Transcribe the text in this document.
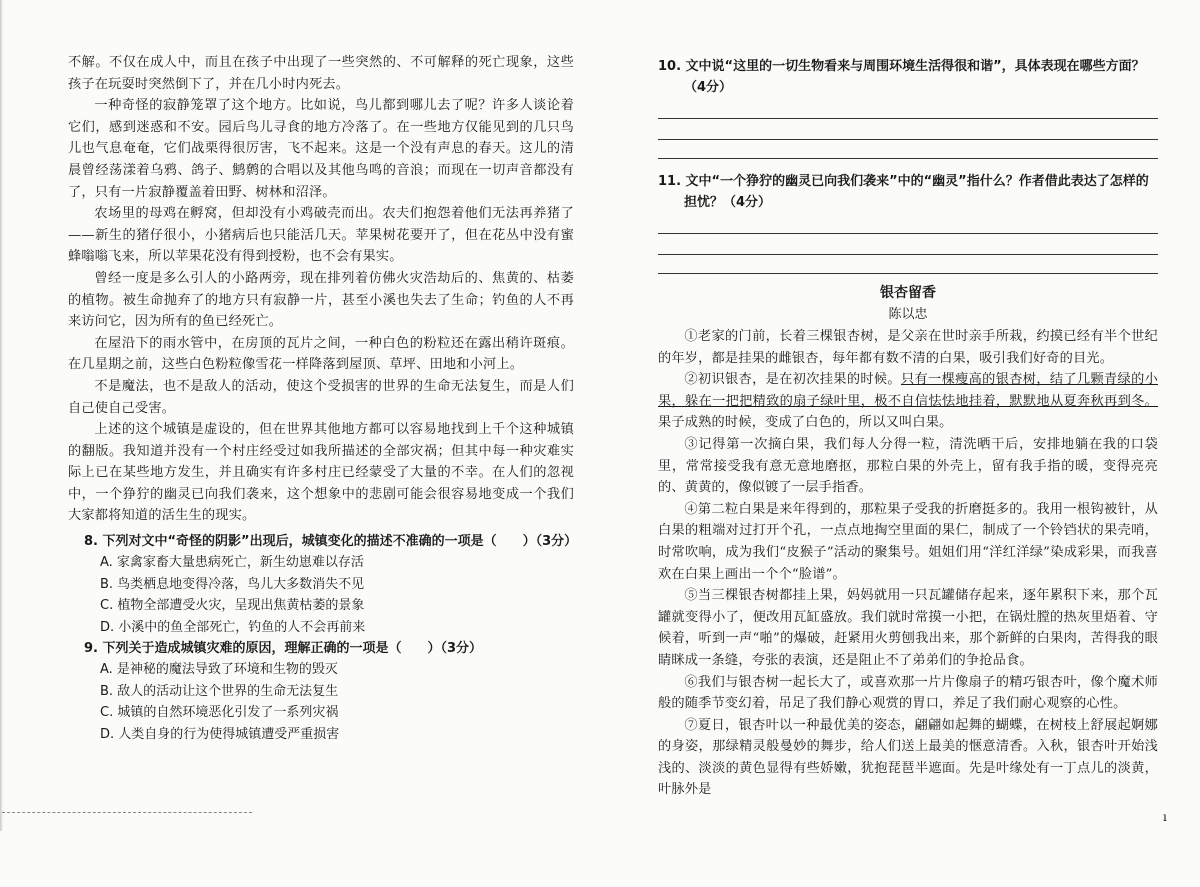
不解。不仅在成人中，而且在孩子中出现了一些突然的、不可解释的死亡现象，这些孩子在玩耍时突然倒下了，并在几小时内死去。

一种奇怪的寂静笼罩了这个地方。比如说，鸟儿都到哪儿去了呢？许多人谈论着它们，感到迷惑和不安。园后鸟儿寻食的地方冷落了。在一些地方仅能见到的几只鸟儿也气息奄奄，它们战栗得很厉害，飞不起来。这是一个没有声息的春天。这儿的清晨曾经荡漾着乌鸦、鸽子、鹪鹩的合唱以及其他鸟鸣的音浪；而现在一切声音都没有了，只有一片寂静覆盖着田野、树林和沼泽。

农场里的母鸡在孵窝，但却没有小鸡破壳而出。农夫们抱怨着他们无法再养猪了——新生的猪仔很小，小猪病后也只能活几天。苹果树花要开了，但在花丛中没有蜜蜂嗡嗡飞来，所以苹果花没有得到授粉，也不会有果实。

曾经一度是多么引人的小路两旁，现在排列着仿佛火灾浩劫后的、焦黄的、枯萎的植物。被生命抛弃了的地方只有寂静一片，甚至小溪也失去了生命；钓鱼的人不再来访问它，因为所有的鱼已经死亡。

在屋沿下的雨水管中，在房顶的瓦片之间，一种白色的粉粒还在露出稍许斑痕。在几星期之前，这些白色粉粒像雪花一样降落到屋顶、草坪、田地和小河上。

不是魔法，也不是敌人的活动，使这个受损害的世界的生命无法复生，而是人们自己使自己受害。

上述的这个城镇是虚设的，但在世界其他地方都可以容易地找到上千个这种城镇的翻版。我知道并没有一个村庄经受过如我所描述的全部灾祸；但其中每一种灾难实际上已在某些地方发生，并且确实有许多村庄已经蒙受了大量的不幸。在人们的忽视中，一个狰狞的幽灵已向我们袭来，这个想象中的悲剧可能会很容易地变成一个我们大家都将知道的活生生的现实。

8. 下列对文中“奇怪的阴影”出现后，城镇变化的描述不准确的一项是（　　）（3分）

A. 家禽家畜大量患病死亡，新生幼崽难以存活

B. 鸟类栖息地变得冷落，鸟儿大多数消失不见

C. 植物全部遭受火灾，呈现出焦黄枯萎的景象

D. 小溪中的鱼全部死亡，钓鱼的人不会再前来

9. 下列关于造成城镇灾难的原因，理解正确的一项是（　　）（3分）

A. 是神秘的魔法导致了环境和生物的毁灭

B. 敌人的活动让这个世界的生命无法复生

C. 城镇的自然环境恶化引发了一系列灾祸

D. 人类自身的行为使得城镇遭受严重损害

10. 文中说“这里的一切生物看来与周围环境生活得很和谐”，具体表现在哪些方面？

（4分）

11. 文中“一个狰狞的幽灵已向我们袭来”中的“幽灵”指什么？作者借此表达了怎样的担忧？（4分）

银杏留香

陈以忠

①老家的门前，长着三棵银杏树，是父亲在世时亲手所栽，约摸已经有半个世纪的年岁，都是挂果的雌银杏，每年都有数不清的白果，吸引我们好奇的目光。

②初识银杏，是在初次挂果的时候。只有一棵瘦高的银杏树，结了几颗青绿的小果，躲在一把把精致的扇子绿叶里，极不自信怯怯地挂着，默默地从夏奔秋再到冬。果子成熟的时候，变成了白色的，所以又叫白果。

③记得第一次摘白果，我们每人分得一粒，清洗晒干后，安排地躺在我的口袋里，常常接受我有意无意地磨抠，那粒白果的外壳上，留有我手指的暖，变得亮亮的、黄黄的，像似镀了一层手指香。

④第二粒白果是来年得到的，那粒果子受我的折磨挺多的。我用一根钩被针，从白果的粗端对过打开个孔，一点点地掏空里面的果仁，制成了一个铃铛状的果壳哨，时常吹响，成为我们“皮猴子”活动的聚集号。姐姐们用“洋红洋绿”染成彩果，而我喜欢在白果上画出一个个“脸谱”。

⑤当三棵银杏树都挂上果，妈妈就用一只瓦罐储存起来，逐年累积下来，那个瓦罐就变得小了，便改用瓦缸盛放。我们就时常摸一小把，在锅灶膛的热灰里焐着、守候着，听到一声“啪”的爆破，赶紧用火剪刨我出来，那个新鲜的白果肉，苦得我的眼睛眯成一条缝，夸张的表演，还是阻止不了弟弟们的争抢品食。

⑥我们与银杏树一起长大了，或喜欢那一片片像扇子的精巧银杏叶，像个魔术师般的随季节变幻着，吊足了我们静心观赏的胃口，养足了我们耐心观察的心性。

⑦夏日，银杏叶以一种最优美的姿态，翩翩如起舞的蝴蝶，在树枝上舒展起婀娜的身姿，那绿精灵般曼妙的舞步，给人们送上最美的惬意清香。入秋，银杏叶开始浅浅的、淡淡的黄色显得有些娇嫩，犹抱琵琶半遮面。先是叶缘处有一丁点儿的淡黄，叶脉外是

ı
